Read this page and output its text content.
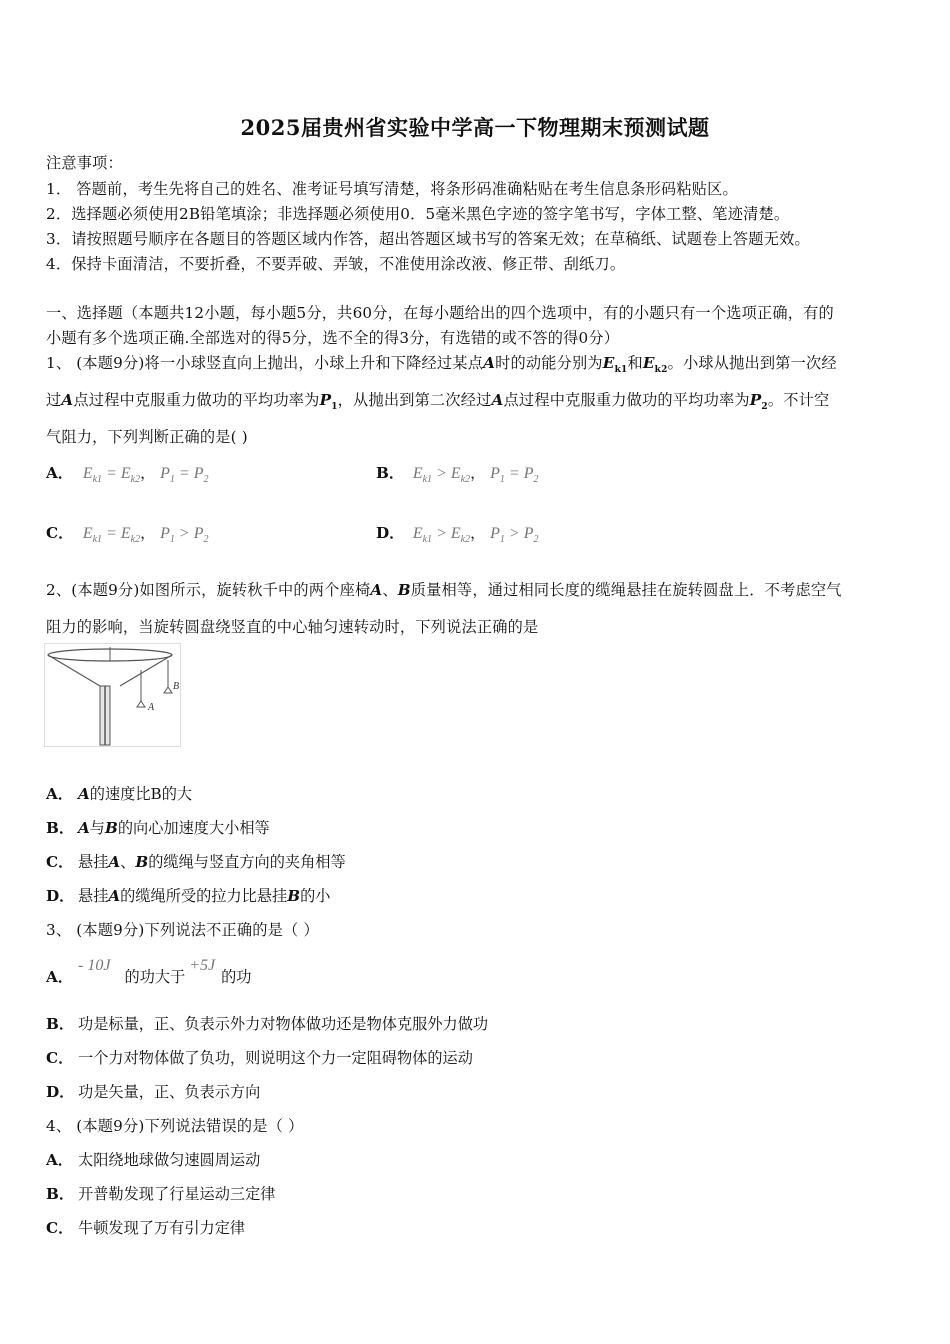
2025届贵州省实验中学高一下物理期末预测试题
注意事项：
1． 答题前，考生先将自己的姓名、准考证号填写清楚，将条形码准确粘贴在考生信息条形码粘贴区。
2．选择题必须使用2B铅笔填涂；非选择题必须使用0．5毫米黑色字迹的签字笔书写，字体工整、笔迹清楚。
3．请按照题号顺序在各题目的答题区域内作答，超出答题区域书写的答案无效；在草稿纸、试题卷上答题无效。
4．保持卡面清洁，不要折叠，不要弄破、弄皱，不准使用涂改液、修正带、刮纸刀。
一、选择题（本题共12小题，每小题5分，共60分，在每小题给出的四个选项中，有的小题只有一个选项正确，有的
小题有多个选项正确.全部选对的得5分，选不全的得3分，有选错的或不答的得0分）
1、 (本题9分)将一小球竖直向上抛出，小球上升和下降经过某点A时的动能分别为$E_{k1}$和$E_{k2}$。小球从抛出到第一次经
过A点过程中克服重力做功的平均功率为$P_1$，从抛出到第二次经过A点过程中克服重力做功的平均功率为$P_2$。不计空
气阻力，下列判断正确的是( )
A． $E_{k1} = E_{k2}$， $P_1 = P_2$	B． $E_{k1} > E_{k2}$， $P_1 = P_2$
C． $E_{k1} = E_{k2}$， $P_1 > P_2$	D． $E_{k1} > E_{k2}$， $P_1 > P_2$
2、(本题9分)如图所示，旋转秋千中的两个座椅A、B质量相等，通过相同长度的缆绳悬挂在旋转圆盘上．不考虑空气
阻力的影响，当旋转圆盘绕竖直的中心轴匀速转动时，下列说法正确的是
A
B
A． A的速度比B的大
B． A与B的向心加速度大小相等
C． 悬挂A、B的缆绳与竖直方向的夹角相等
D． 悬挂A的缆绳所受的拉力比悬挂B的小
3、 (本题9分)下列说法不正确的是（ ）
A．- 10J的功大于+5J的功
B． 功是标量，正、负表示外力对物体做功还是物体克服外力做功
C． 一个力对物体做了负功，则说明这个力一定阻碍物体的运动
D． 功是矢量，正、负表示方向
4、 (本题9分)下列说法错误的是（ ）
A． 太阳绕地球做匀速圆周运动
B． 开普勒发现了行星运动三定律
C． 牛顿发现了万有引力定律
